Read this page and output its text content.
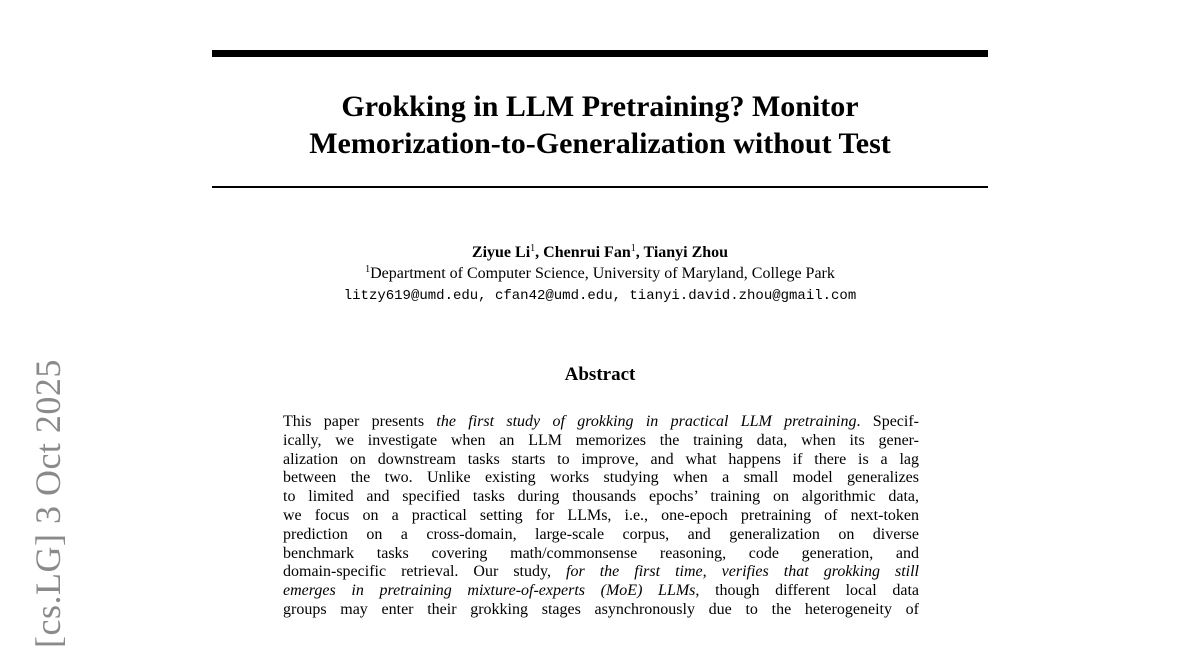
Grokking in LLM Pretraining? Monitor
Memorization-to-Generalization without Test
Ziyue Li$^1$, Chenrui Fan$^1$, Tianyi Zhou
$^1$Department of Computer Science, University of Maryland, College Park
litzy619@umd.edu, cfan42@umd.edu, tianyi.david.zhou@gmail.com
Abstract
This paper presents the first study of grokking in practical LLM pretraining. Specif-
ically, we investigate when an LLM memorizes the training data, when its gener-
alization on downstream tasks starts to improve, and what happens if there is a lag
between the two. Unlike existing works studying when a small model generalizes
to limited and specified tasks during thousands epochs’ training on algorithmic data,
we focus on a practical setting for LLMs, i.e., one-epoch pretraining of next-token
prediction on a cross-domain, large-scale corpus, and generalization on diverse
benchmark tasks covering math/commonsense reasoning, code generation, and
domain-specific retrieval. Our study, for the first time, verifies that grokking still
emerges in pretraining mixture-of-experts (MoE) LLMs, though different local data
groups may enter their grokking stages asynchronously due to the heterogeneity of
[cs.LG] 3 Oct 2025
